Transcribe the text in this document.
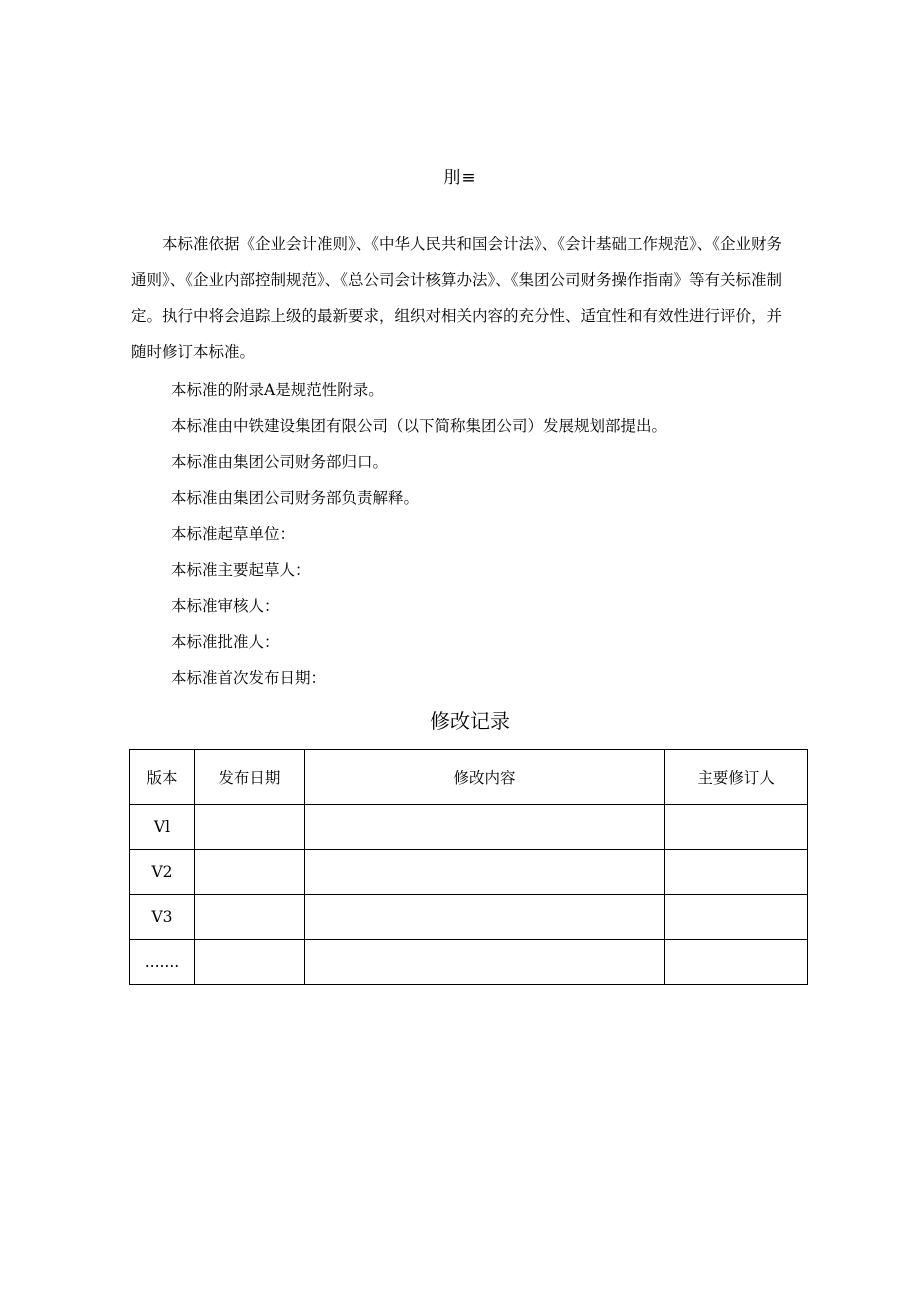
刖≡

本标准依据《企业会计准则》、《中华人民共和国会计法》、《会计基础工作规范》、《企业财务通则》、《企业内部控制规范》、《总公司会计核算办法》、《集团公司财务操作指南》等有关标准制定。执行中将会追踪上级的最新要求，组织对相关内容的充分性、适宜性和有效性进行评价，并随时修订本标准。

本标准的附录A是规范性附录。
本标准由中铁建设集团有限公司（以下简称集团公司）发展规划部提出。
本标准由集团公司财务部归口。
本标准由集团公司财务部负责解释。
本标准起草单位：
本标准主要起草人：
本标准审核人：
本标准批准人：
本标准首次发布日期：
修改记录
版本	发布日期	修改内容	主要修订人
Vl			
V2			
V3			
.......			
